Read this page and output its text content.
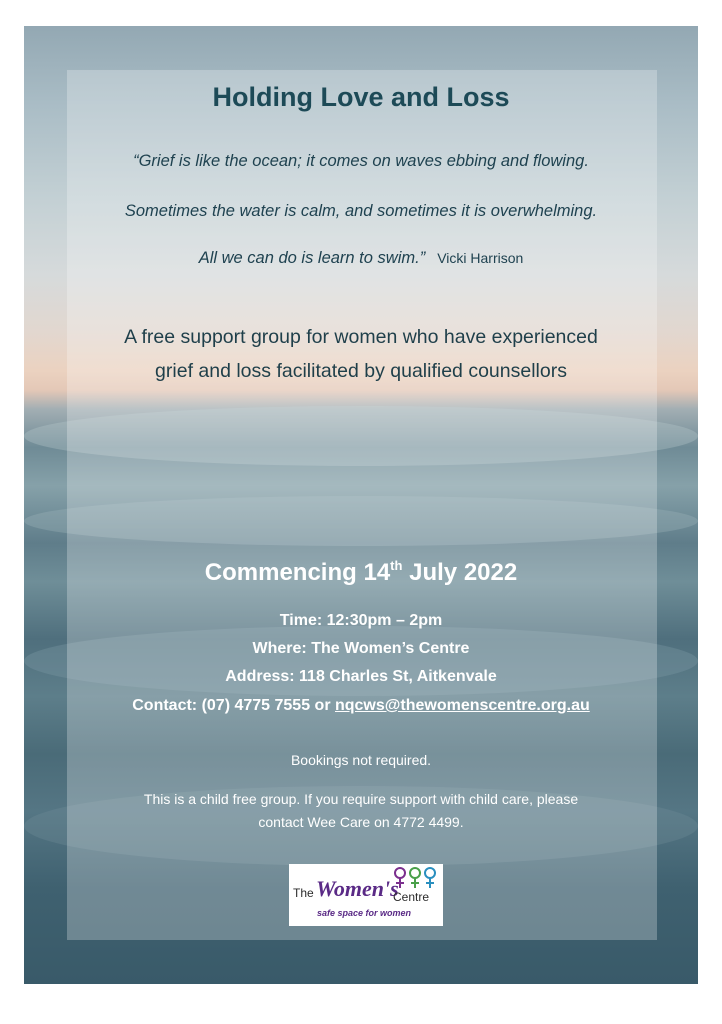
Holding Love and Loss

“Grief is like the ocean; it comes on waves ebbing and flowing.

Sometimes the water is calm, and sometimes it is overwhelming.

All we can do is learn to swim.” Vicki Harrison

A free support group for women who have experienced

grief and loss facilitated by qualified counsellors

Commencing 14th July 2022

Time: 12:30pm – 2pm

Where: The Women’s Centre

Address: 118 Charles St, Aitkenvale

Contact: (07) 4775 7555 or nqcws@thewomenscentre.org.au

Bookings not required.

This is a child free group. If you require support with child care, please

contact Wee Care on 4772 4499.

The Women's
Centre
safe space for women
